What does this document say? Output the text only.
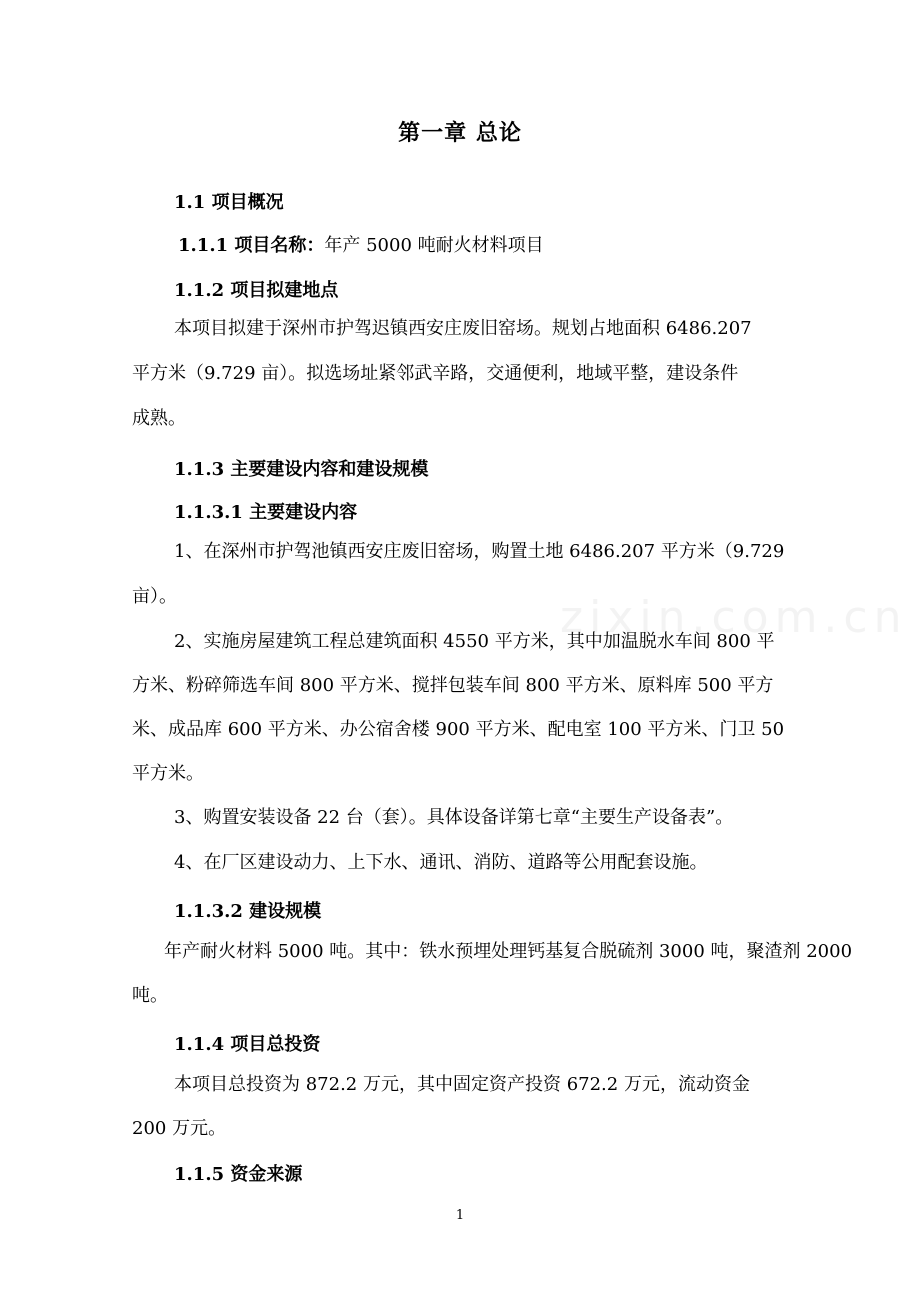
zixin.com.cn
第一章 总论
1.1 项目概况
1.1.1 项目名称：年产 5000 吨耐火材料项目
1.1.2 项目拟建地点
本项目拟建于深州市护驾迟镇西安庄废旧窑场。规划占地面积 6486.207
平方米（9.729 亩）。拟选场址紧邻武辛路，交通便利，地域平整，建设条件
成熟。
1.1.3 主要建设内容和建设规模
1.1.3.1 主要建设内容
1、在深州市护驾池镇西安庄废旧窑场，购置土地 6486.207 平方米（9.729
亩）。
2、实施房屋建筑工程总建筑面积 4550 平方米，其中加温脱水车间 800 平
方米、粉碎筛选车间 800 平方米、搅拌包装车间 800 平方米、原料库 500 平方
米、成品库 600 平方米、办公宿舍楼 900 平方米、配电室 100 平方米、门卫 50
平方米。
3、购置安装设备 22 台（套）。具体设备详第七章“主要生产设备表”。
4、在厂区建设动力、上下水、通讯、消防、道路等公用配套设施。
1.1.3.2 建设规模
年产耐火材料 5000 吨。其中：铁水预埋处理钙基复合脱硫剂 3000 吨，聚渣剂 2000
吨。
1.1.4 项目总投资
本项目总投资为 872.2 万元，其中固定资产投资 672.2 万元，流动资金
200 万元。
1.1.5 资金来源
1
